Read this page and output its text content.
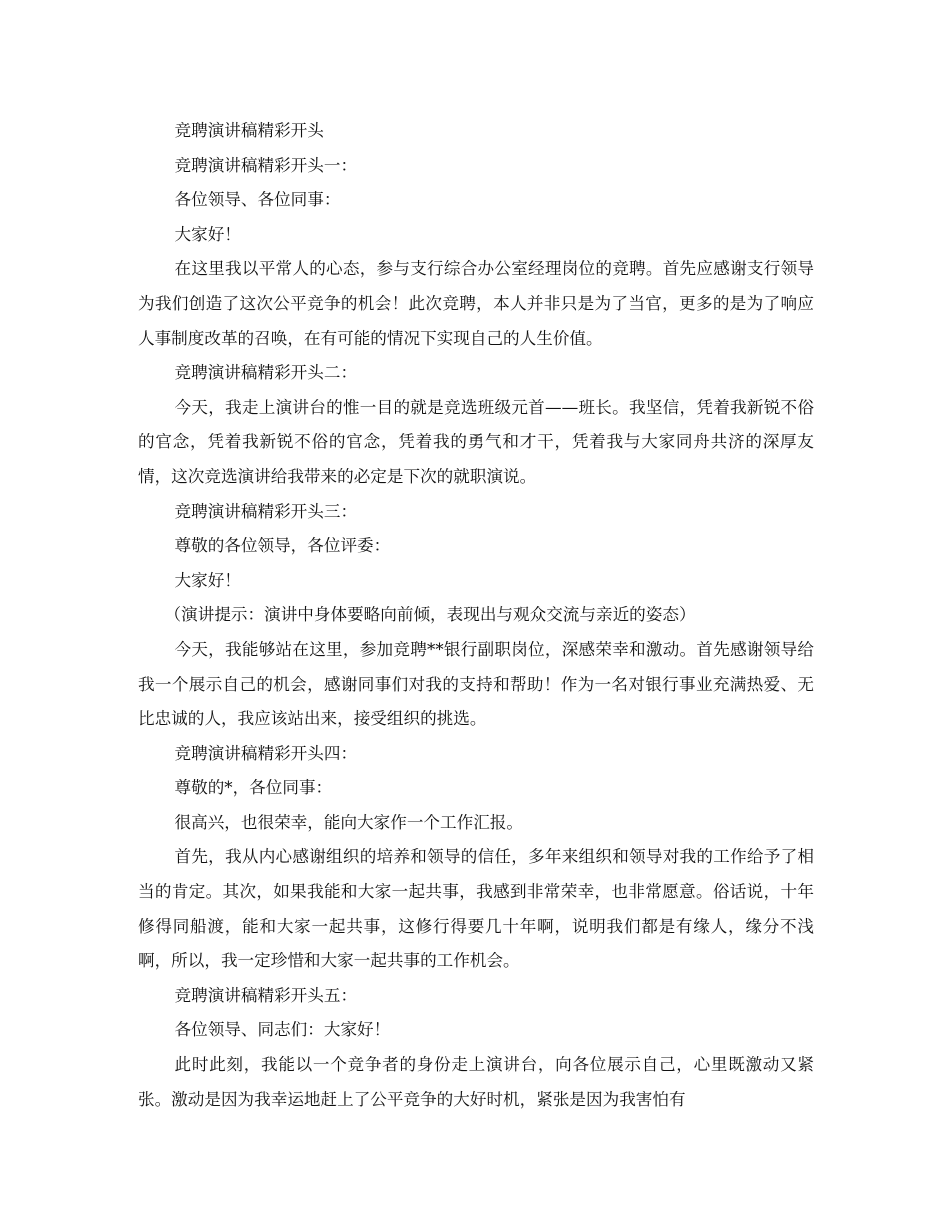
竞聘演讲稿精彩开头

竞聘演讲稿精彩开头一：

各位领导、各位同事：

大家好！

在这里我以平常人的心态，参与支行综合办公室经理岗位的竞聘。首先应感谢支行领导为我们创造了这次公平竞争的机会！此次竞聘，本人并非只是为了当官，更多的是为了响应人事制度改革的召唤，在有可能的情况下实现自己的人生价值。

竞聘演讲稿精彩开头二：

今天，我走上演讲台的惟一目的就是竞选班级元首——班长。我坚信，凭着我新锐不俗的官念，凭着我新锐不俗的官念，凭着我的勇气和才干，凭着我与大家同舟共济的深厚友情，这次竞选演讲给我带来的必定是下次的就职演说。

竞聘演讲稿精彩开头三：

尊敬的各位领导，各位评委：

大家好！

（演讲提示：演讲中身体要略向前倾，表现出与观众交流与亲近的姿态）

今天，我能够站在这里，参加竞聘**银行副职岗位，深感荣幸和激动。首先感谢领导给我一个展示自己的机会，感谢同事们对我的支持和帮助！作为一名对银行事业充满热爱、无比忠诚的人，我应该站出来，接受组织的挑选。

竞聘演讲稿精彩开头四：

尊敬的*，各位同事：

很高兴，也很荣幸，能向大家作一个工作汇报。

首先，我从内心感谢组织的培养和领导的信任，多年来组织和领导对我的工作给予了相当的肯定。其次，如果我能和大家一起共事，我感到非常荣幸，也非常愿意。俗话说，十年修得同船渡，能和大家一起共事，这修行得要几十年啊，说明我们都是有缘人，缘分不浅啊，所以，我一定珍惜和大家一起共事的工作机会。

竞聘演讲稿精彩开头五：

各位领导、同志们：大家好！

此时此刻，我能以一个竞争者的身份走上演讲台，向各位展示自己，心里既激动又紧张。激动是因为我幸运地赶上了公平竞争的大好时机，紧张是因为我害怕有
